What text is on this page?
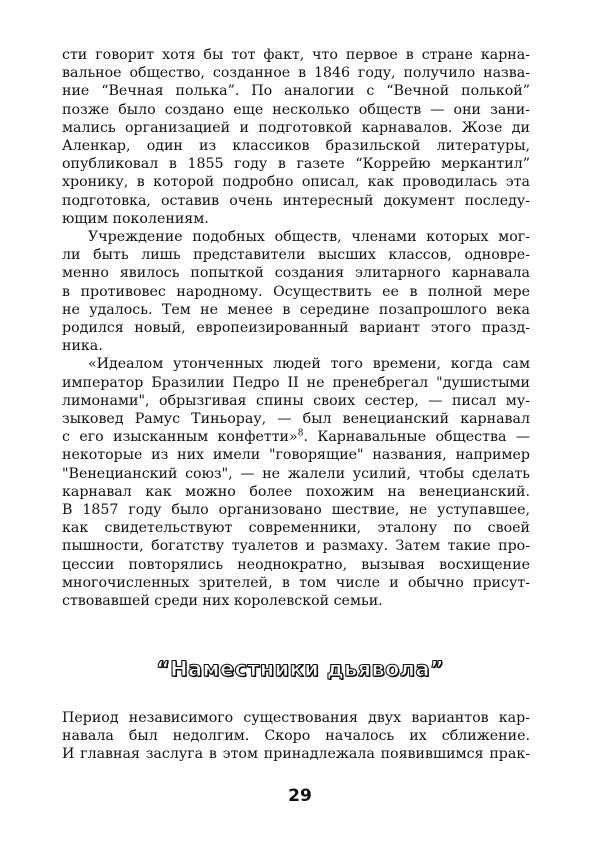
сти говорит хотя бы тот факт, что первое в стране карна-

вальное общество, созданное в 1846 году, получило назва-

ние “Вечная полька”. По аналогии с “Вечной полькой”

позже было создано еще несколько обществ — они зани-

мались организацией и подготовкой карнавалов. Жозе ди

Аленкар, один из классиков бразильской литературы,

опубликовал в 1855 году в газете “Коррейю меркантил”

хронику, в которой подробно описал, как проводилась эта

подготовка, оставив очень интересный документ последу-

ющим поколениям.

Учреждение подобных обществ, членами которых мог-

ли быть лишь представители высших классов, одновре-

менно явилось попыткой создания элитарного карнавала

в противовес народному. Осуществить ее в полной мере

не удалось. Тем не менее в середине позапрошлого века

родился новый, европеизированный вариант этого празд-

ника.

«Идеалом утонченных людей того времени, когда сам

император Бразилии Педро II не пренебрегал "душистыми

лимонами", обрызгивая спины своих сестер, — писал му-

зыковед Рамус Тиньорау, — был венецианский карнавал

с его изысканным конфетти»$^8$. Карнавальные общества —

некоторые из них имели "говорящие" названия, например

"Венецианский союз", — не жалели усилий, чтобы сделать

карнавал как можно более похожим на венецианский.

В 1857 году было организовано шествие, не уступавшее,

как свидетельствуют современники, эталону по своей

пышности, богатству туалетов и размаху. Затем такие про-

цессии повторялись неоднократно, вызывая восхищение

многочисленных зрителей, в том числе и обычно присут-

ствовавшей среди них королевской семьи.

“Наместники дьявола”

Период независимого существования двух вариантов кар-

навала был недолгим. Скоро началось их сближение.

И главная заслуга в этом принадлежала появившимся прак-

29
